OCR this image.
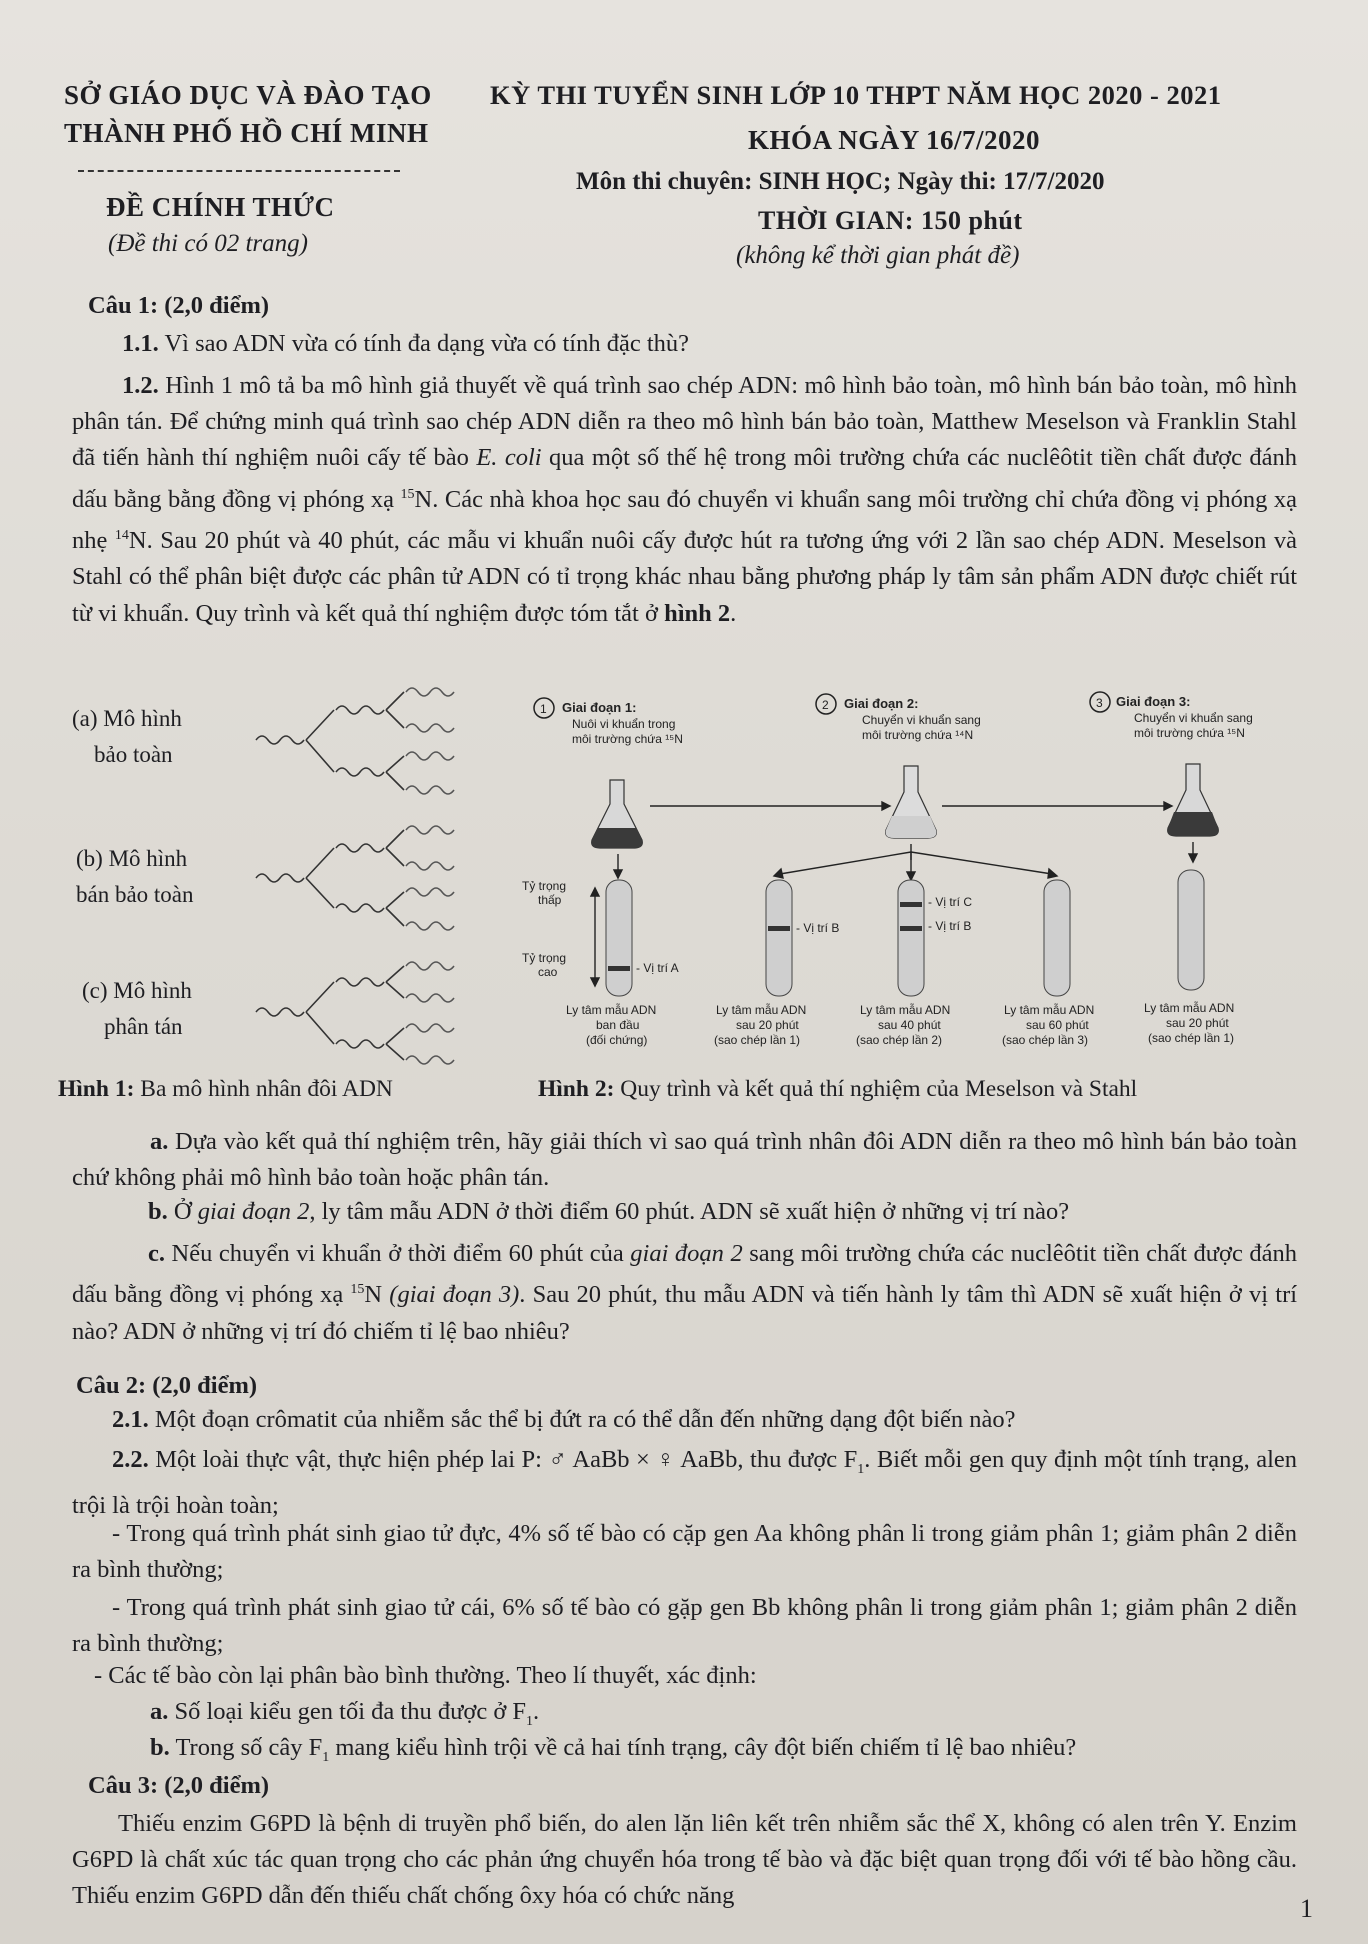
SỞ GIÁO DỤC VÀ ĐÀO TẠO
THÀNH PHỐ HỒ CHÍ MINH
ĐỀ CHÍNH THỨC
(Đề thi có 02 trang)
KỲ THI TUYỂN SINH LỚP 10 THPT NĂM HỌC 2020 - 2021
KHÓA NGÀY 16/7/2020
Môn thi chuyên: SINH HỌC; Ngày thi: 17/7/2020
THỜI GIAN: 150 phút
(không kể thời gian phát đề)
Câu 1: (2,0 điểm)
1.1. Vì sao ADN vừa có tính đa dạng vừa có tính đặc thù?
1.2. Hình 1 mô tả ba mô hình giả thuyết về quá trình sao chép ADN: mô hình bảo toàn, mô hình bán bảo toàn, mô hình phân tán. Để chứng minh quá trình sao chép ADN diễn ra theo mô hình bán bảo toàn, Matthew Meselson và Franklin Stahl đã tiến hành thí nghiệm nuôi cấy tế bào E. coli qua một số thế hệ trong môi trường chứa các nuclêôtit tiền chất được đánh dấu bằng bằng đồng vị phóng xạ $^{15}$N. Các nhà khoa học sau đó chuyển vi khuẩn sang môi trường chỉ chứa đồng vị phóng xạ nhẹ $^{14}$N. Sau 20 phút và 40 phút, các mẫu vi khuẩn nuôi cấy được hút ra tương ứng với 2 lần sao chép ADN. Meselson và Stahl có thể phân biệt được các phân tử ADN có tỉ trọng khác nhau bằng phương pháp ly tâm sản phẩm ADN được chiết rút từ vi khuẩn. Quy trình và kết quả thí nghiệm được tóm tắt ở hình 2.
(a) Mô hình
bảo toàn
(b) Mô hình
bán bảo toàn
(c) Mô hình
phân tán
1 Giai đoạn 1:
Nuôi vi khuẩn trong
môi trường chứa ¹⁵N
2 Giai đoạn 2:
Chuyển vi khuẩn sang
môi trường chứa ¹⁴N
3 Giai đoạn 3:
Chuyển vi khuẩn sang
môi trường chứa ¹⁵N
Tỷ trọng
thấp
Tỷ trọng
cao	- Vị trí A
- Vị trí B
- Vị trí C
- Vị trí B
Ly tâm mẫu ADN
ban đầu
(đối chứng)
Ly tâm mẫu ADN
sau 20 phút
(sao chép lần 1)
Ly tâm mẫu ADN
sau 40 phút
(sao chép lần 2)
Ly tâm mẫu ADN
sau 60 phút
(sao chép lần 3)
Ly tâm mẫu ADN
sau 20 phút
(sao chép lần 1)
Hình 1: Ba mô hình nhân đôi ADN	Hình 2: Quy trình và kết quả thí nghiệm của Meselson và Stahl
a. Dựa vào kết quả thí nghiệm trên, hãy giải thích vì sao quá trình nhân đôi ADN diễn ra theo mô hình bán bảo toàn chứ không phải mô hình bảo toàn hoặc phân tán.
b. Ở giai đoạn 2, ly tâm mẫu ADN ở thời điểm 60 phút. ADN sẽ xuất hiện ở những vị trí nào?
c. Nếu chuyển vi khuẩn ở thời điểm 60 phút của giai đoạn 2 sang môi trường chứa các nuclêôtit tiền chất được đánh dấu bằng đồng vị phóng xạ $^{15}$N (giai đoạn 3). Sau 20 phút, thu mẫu ADN và tiến hành ly tâm thì ADN sẽ xuất hiện ở vị trí nào? ADN ở những vị trí đó chiếm tỉ lệ bao nhiêu?
Câu 2: (2,0 điểm)
2.1. Một đoạn crômatit của nhiễm sắc thể bị đứt ra có thể dẫn đến những dạng đột biến nào?
2.2. Một loài thực vật, thực hiện phép lai P: ♂ AaBb × ♀ AaBb, thu được $F_1$. Biết mỗi gen quy định một tính trạng, alen trội là trội hoàn toàn;
- Trong quá trình phát sinh giao tử đực, 4% số tế bào có cặp gen Aa không phân li trong giảm phân 1; giảm phân 2 diễn ra bình thường;
- Trong quá trình phát sinh giao tử cái, 6% số tế bào có gặp gen Bb không phân li trong giảm phân 1; giảm phân 2 diễn ra bình thường;
- Các tế bào còn lại phân bào bình thường. Theo lí thuyết, xác định:
a. Số loại kiểu gen tối đa thu được ở $F_1$.
b. Trong số cây $F_1$ mang kiểu hình trội về cả hai tính trạng, cây đột biến chiếm tỉ lệ bao nhiêu?
Câu 3: (2,0 điểm)
Thiếu enzim G6PD là bệnh di truyền phổ biến, do alen lặn liên kết trên nhiễm sắc thể X, không có alen trên Y. Enzim G6PD là chất xúc tác quan trọng cho các phản ứng chuyển hóa trong tế bào và đặc biệt quan trọng đối với tế bào hồng cầu. Thiếu enzim G6PD dẫn đến thiếu chất chống ôxy hóa có chức năng	1
